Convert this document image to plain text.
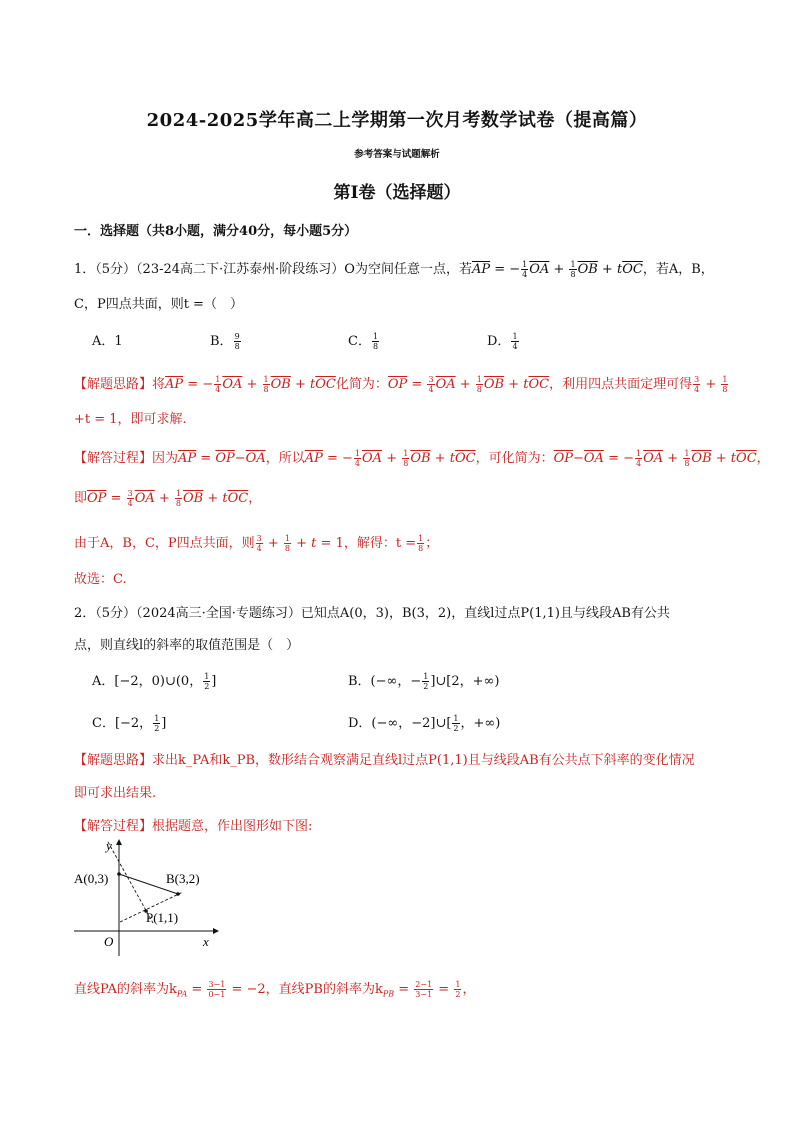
2024-2025学年高二上学期第一次月考数学试卷（提高篇）
参考答案与试题解析
第I卷（选择题）
一．选择题（共8小题，满分40分，每小题5分）
1．（5分）（23-24高二下·江苏泰州·阶段练习）O为空间任意一点，若$\overline{AP}$ = − $\frac{1}{4} \overline{OA} + \frac{1}{8} \overline{OB} + t\overline{OC}$，若A，B，
C，P四点共面，则t =（　）
A．1	B． $\frac{9}{8}$	C． $\frac{1}{8}$	D． $\frac{1}{4}$
【解题思路】将$\overline{AP}$ = − $\frac{1}{4} \overline{OA} + \frac{1}{8} \overline{OB} + t\overline{OC}$化简为：$\overline{OP} = \frac{3}{4} \overline{OA} + \frac{1}{8} \overline{OB} + t\overline{OC}$，利用四点共面定理可得 $\frac{3}{4} + \frac{1}{8}$
+t = 1，即可求解.
【解答过程】因为$\overline{AP} = \overline{OP}-\overline{OA}$，所以$\overline{AP}$ = − $\frac{1}{4} \overline{OA} + \frac{1}{8} \overline{OB} + t\overline{OC}$，可化简为：$\overline{OP}-\overline{OA}$ = − $\frac{1}{4} \overline{OA} + \frac{1}{8} \overline{OB} + t\overline{OC}$，
即$\overline{OP} = \frac{3}{4} \overline{OA} + \frac{1}{8} \overline{OB} + t\overline{OC}$，
由于A，B，C，P四点共面，则 $\frac{3}{4} + \frac{1}{8} + t = 1$，解得：$t = \frac{1}{8}$ ；
故选：C.
2．（5分）（2024高三·全国·专题练习）已知点A(0，3)，B(3，2)，直线l过点P(1,1)且与线段AB有公共
点，则直线l的斜率的取值范围是（　）
A．[−2，0)∪(0， $\frac{1}{2}$ ]	B．(−∞，− $\frac{1}{2}$ ]∪[2，+∞)
C．[−2， $\frac{1}{2}$ ]	D．(−∞，−2]∪[ $\frac{1}{2}$ ，+∞)
【解题思路】求出k_PA和k_PB，数形结合观察满足直线l过点P(1,1)且与线段AB有公共点下斜率的变化情况
即可求出结果.
【解答过程】根据题意，作出图形如下图:
y
x
O
A(0,3)	B(3,2)
P(1,1)
直线PA的斜率为$k_{PA} = \frac{3-1}{0-1} = -2$，直线PB的斜率为$k_{PB} = \frac{2-1}{3-1} = \frac{1}{2}$ ，
